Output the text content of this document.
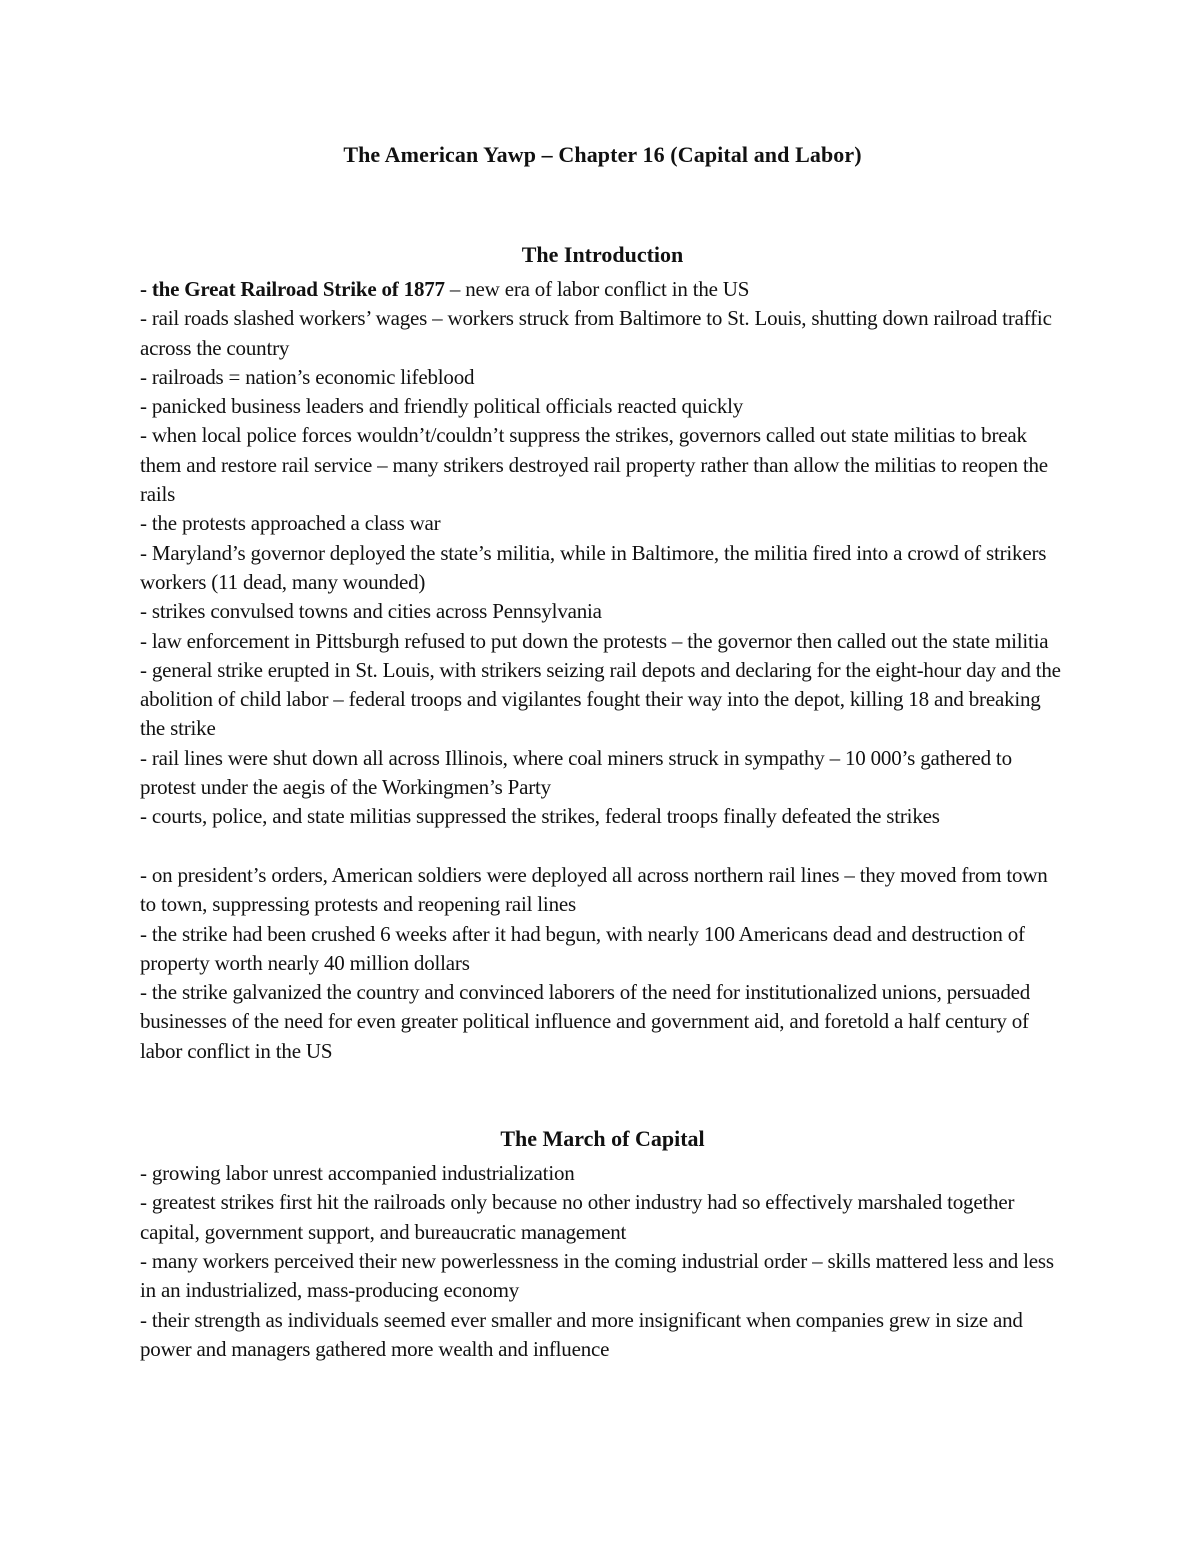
The American Yawp – Chapter 16 (Capital and Labor)
The Introduction

- the Great Railroad Strike of 1877 – new era of labor conflict in the US

- rail roads slashed workers’ wages – workers struck from Baltimore to St. Louis, shutting down railroad traffic across the country

- railroads = nation’s economic lifeblood

- panicked business leaders and friendly political officials reacted quickly

- when local police forces wouldn’t/couldn’t suppress the strikes, governors called out state militias to break them and restore rail service – many strikers destroyed rail property rather than allow the militias to reopen the rails

- the protests approached a class war

- Maryland’s governor deployed the state’s militia, while in Baltimore, the militia fired into a crowd of strikers workers (11 dead, many wounded)

- strikes convulsed towns and cities across Pennsylvania

- law enforcement in Pittsburgh refused to put down the protests – the governor then called out the state militia

- general strike erupted in St. Louis, with strikers seizing rail depots and declaring for the eight-hour day and the abolition of child labor – federal troops and vigilantes fought their way into the depot, killing 18 and breaking the strike

- rail lines were shut down all across Illinois, where coal miners struck in sympathy – 10 000’s gathered to protest under the aegis of the Workingmen’s Party

- courts, police, and state militias suppressed the strikes, federal troops finally defeated the strikes

- on president’s orders, American soldiers were deployed all across northern rail lines – they moved from town to town, suppressing protests and reopening rail lines

- the strike had been crushed 6 weeks after it had begun, with nearly 100 Americans dead and destruction of property worth nearly 40 million dollars

- the strike galvanized the country and convinced laborers of the need for institutionalized unions, persuaded businesses of the need for even greater political influence and government aid, and foretold a half century of labor conflict in the US

The March of Capital

- growing labor unrest accompanied industrialization

- greatest strikes first hit the railroads only because no other industry had so effectively marshaled together capital, government support, and bureaucratic management

- many workers perceived their new powerlessness in the coming industrial order – skills mattered less and less in an industrialized, mass-producing economy

- their strength as individuals seemed ever smaller and more insignificant when companies grew in size and power and managers gathered more wealth and influence
